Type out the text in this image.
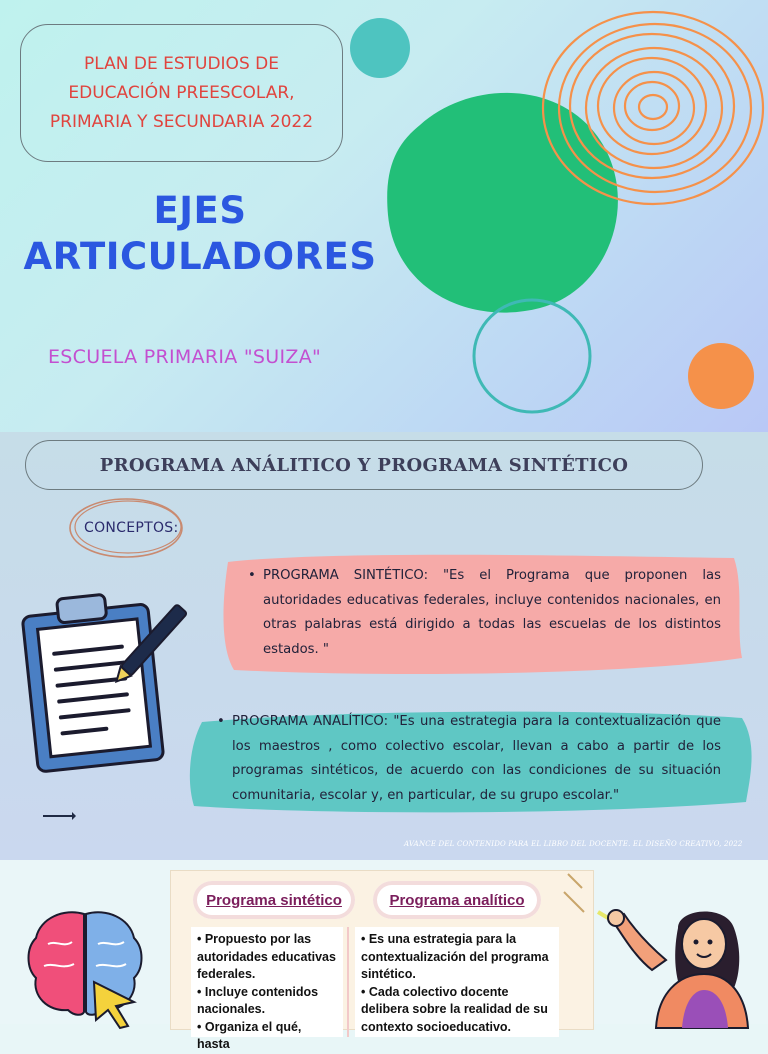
PLAN DE ESTUDIOS DE
EDUCACIÓN PREESCOLAR,
PRIMARIA Y SECUNDARIA 2022

EJES
ARTICULADORES
ESCUELA PRIMARIA "SUIZA"
PROGRAMA ANÁLITICO Y PROGRAMA SINTÉTICO
CONCEPTOS:
• PROGRAMA SINTÉTICO: "Es el Programa que proponen las autoridades educativas federales, incluye contenidos nacionales, en otras palabras está dirigido a todas las escuelas de los distintos estados. "
• PROGRAMA ANALÍTICO: "Es una estrategia para la contextualización que los maestros , como colectivo escolar, llevan a cabo a partir de los programas sintéticos, de acuerdo con las condiciones de su situación comunitaria, escolar y, en particular, de su grupo escolar."
AVANCE DEL CONTENIDO PARA EL LIBRO DEL DOCENTE. EL DISEÑO CREATIVO, 2022
Programa sintético	Programa analítico
• Propuesto por las autoridades educativas federales.
• Incluye contenidos nacionales.
• Organiza el qué, hasta
• Es una estrategia para la contextualización del programa sintético.
• Cada colectivo docente delibera sobre la realidad de su contexto socioeducativo.
